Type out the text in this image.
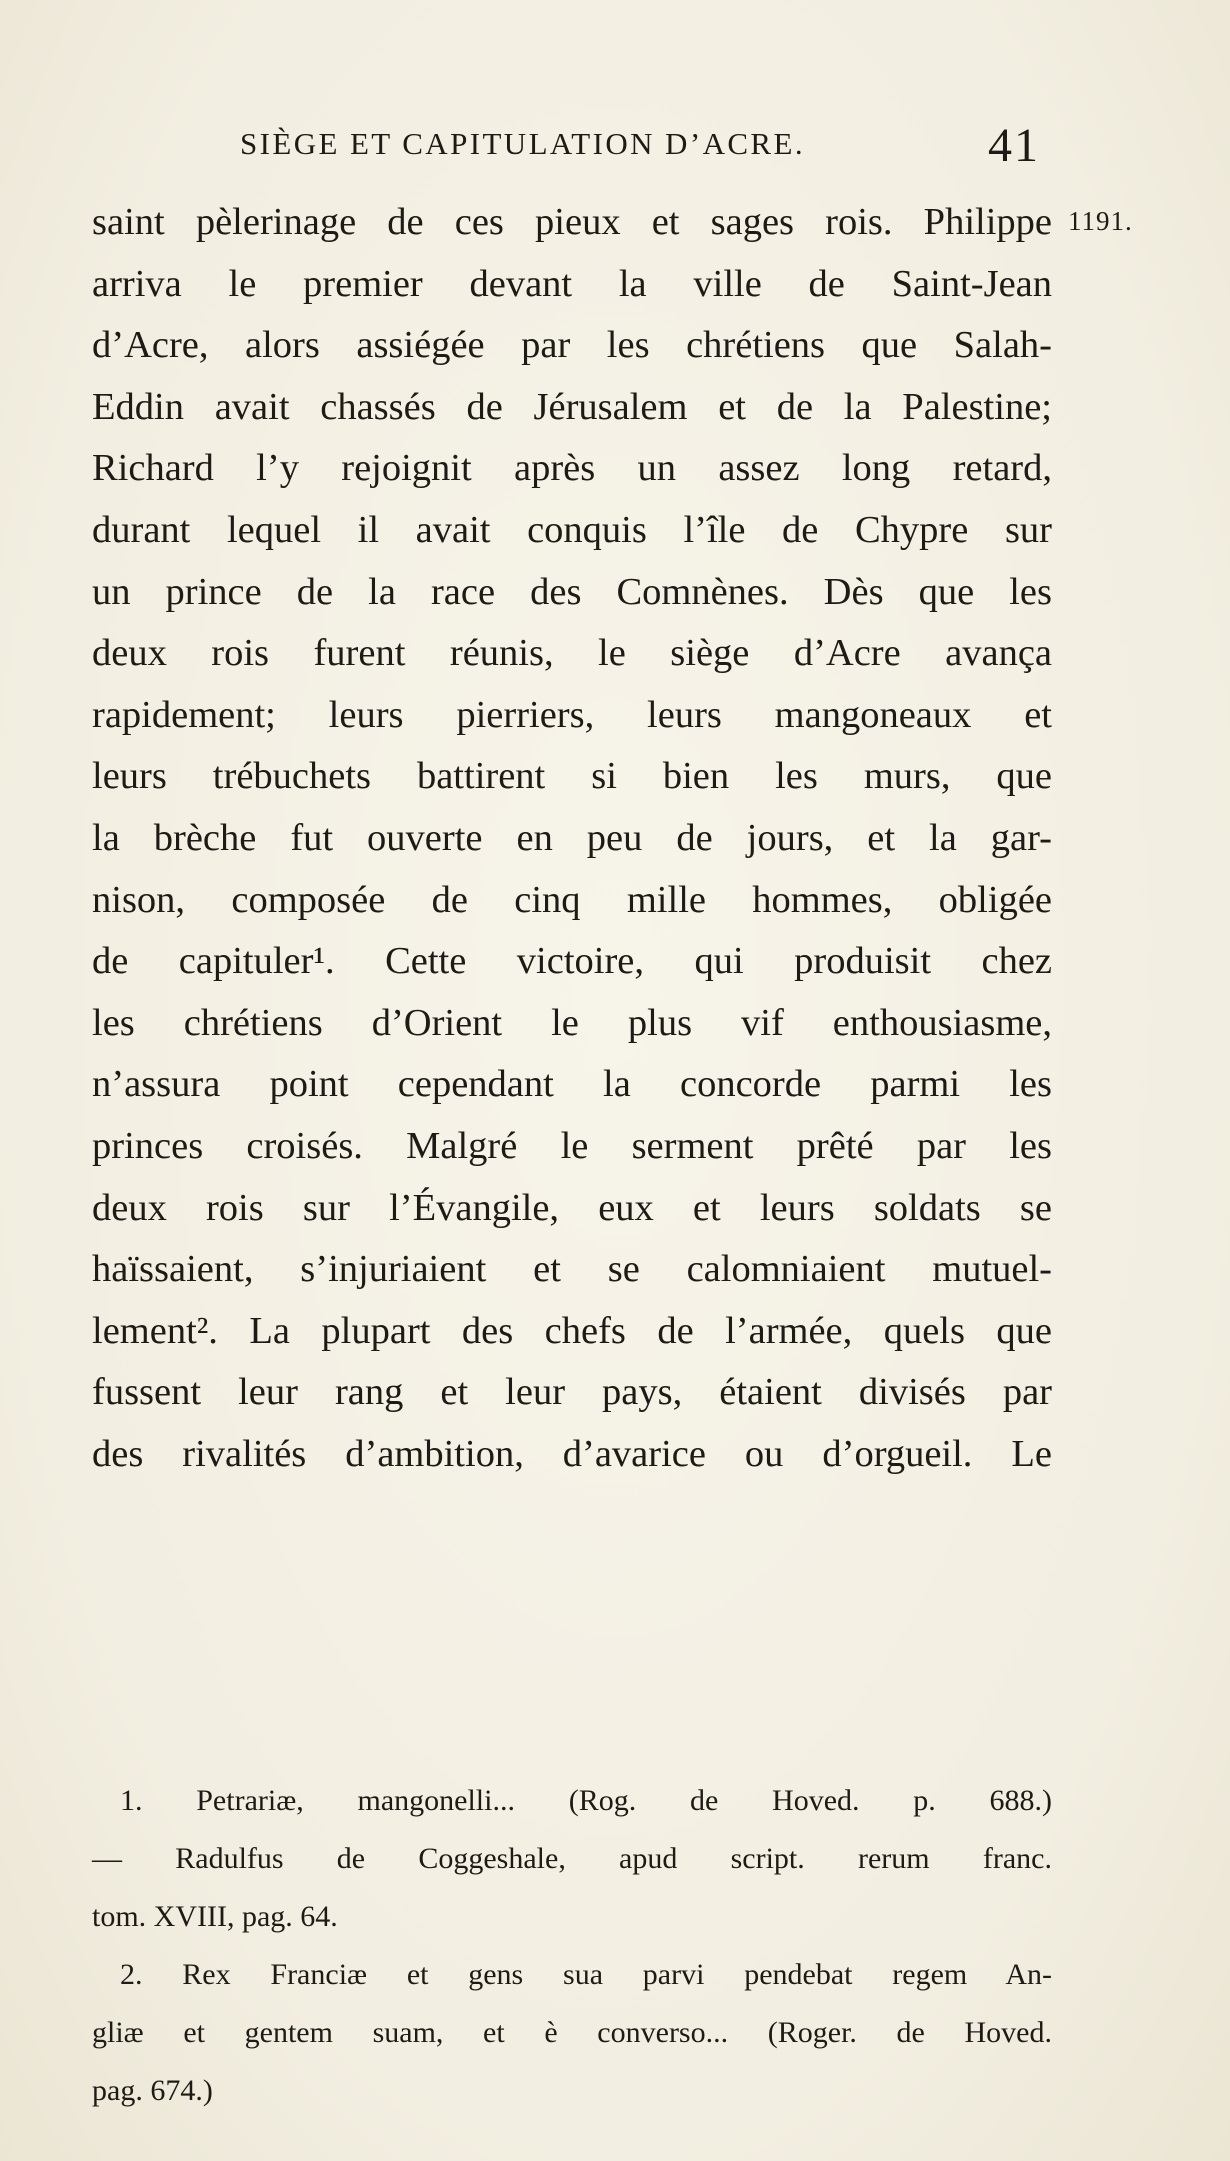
SIÈGE ET CAPITULATION D’ACRE.	41
1191.
saint pèlerinage de ces pieux et sages rois. Philippe
arriva le premier devant la ville de Saint-Jean
d’Acre, alors assiégée par les chrétiens que Salah-
Eddin avait chassés de Jérusalem et de la Palestine;
Richard l’y rejoignit après un assez long retard,
durant lequel il avait conquis l’île de Chypre sur
un prince de la race des Comnènes. Dès que les
deux rois furent réunis, le siège d’Acre avança
rapidement; leurs pierriers, leurs mangoneaux et
leurs trébuchets battirent si bien les murs, que
la brèche fut ouverte en peu de jours, et la gar-
nison, composée de cinq mille hommes, obligée
de capituler¹. Cette victoire, qui produisit chez
les chrétiens d’Orient le plus vif enthousiasme,
n’assura point cependant la concorde parmi les
princes croisés. Malgré le serment prêté par les
deux rois sur l’Évangile, eux et leurs soldats se
haïssaient, s’injuriaient et se calomniaient mutuel-
lement². La plupart des chefs de l’armée, quels que
fussent leur rang et leur pays, étaient divisés par
des rivalités d’ambition, d’avarice ou d’orgueil. Le
1. Petrariæ, mangonelli... (Rog. de Hoved. p. 688.)
— Radulfus de Coggeshale, apud script. rerum franc.
tom. XVIII, pag. 64.
2. Rex Franciæ et gens sua parvi pendebat regem An-
gliæ et gentem suam, et è converso... (Roger. de Hoved.
pag. 674.)
